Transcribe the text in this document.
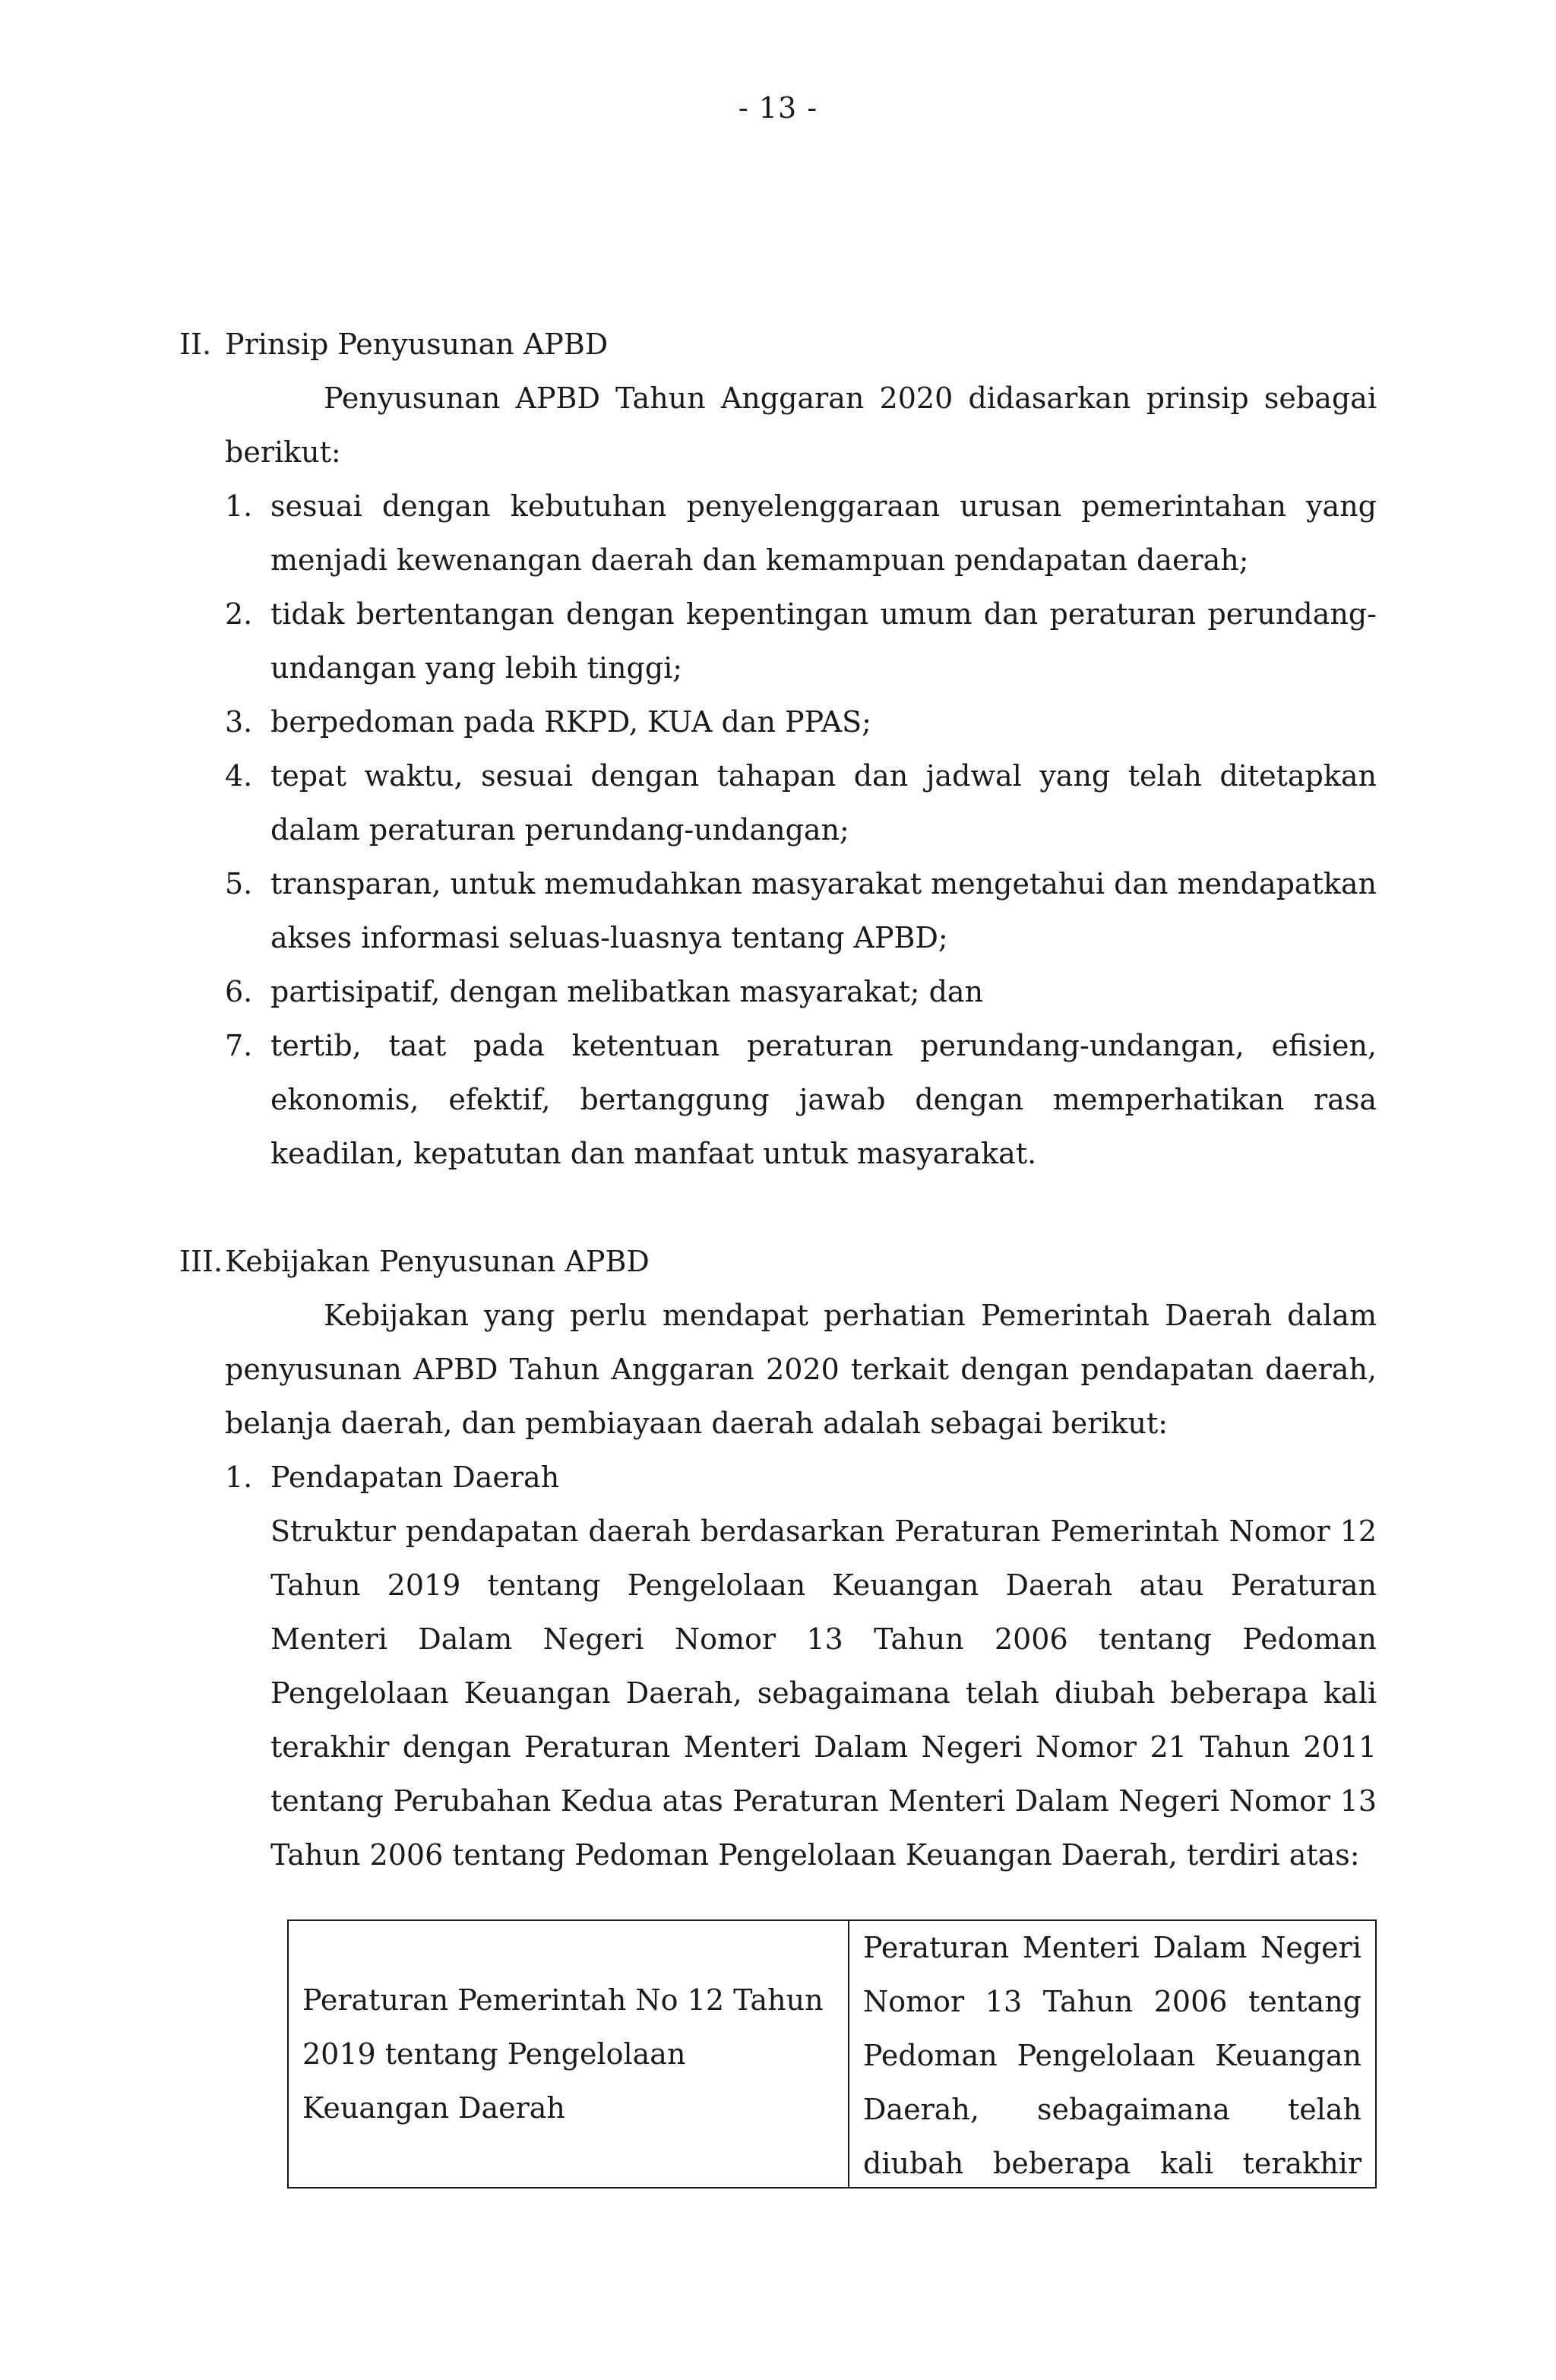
- 13 -
II. Prinsip Penyusunan APBD

Penyusunan APBD Tahun Anggaran 2020 didasarkan prinsip sebagai berikut:

1. sesuai dengan kebutuhan penyelenggaraan urusan pemerintahan yang menjadi kewenangan daerah dan kemampuan pendapatan daerah;
2. tidak bertentangan dengan kepentingan umum dan peraturan perundang-undangan yang lebih tinggi;
3. berpedoman pada RKPD, KUA dan PPAS;
4. tepat waktu, sesuai dengan tahapan dan jadwal yang telah ditetapkan dalam peraturan perundang-undangan;
5. transparan, untuk memudahkan masyarakat mengetahui dan mendapatkan akses informasi seluas-luasnya tentang APBD;
6. partisipatif, dengan melibatkan masyarakat; dan
7. tertib, taat pada ketentuan peraturan perundang-undangan, efisien, ekonomis, efektif, bertanggung jawab dengan memperhatikan rasa keadilan, kepatutan dan manfaat untuk masyarakat.
III. Kebijakan Penyusunan APBD

Kebijakan yang perlu mendapat perhatian Pemerintah Daerah dalam penyusunan APBD Tahun Anggaran 2020 terkait dengan pendapatan daerah, belanja daerah, dan pembiayaan daerah adalah sebagai berikut:

1. Pendapatan Daerah

Struktur pendapatan daerah berdasarkan Peraturan Pemerintah Nomor 12 Tahun 2019 tentang Pengelolaan Keuangan Daerah atau Peraturan Menteri Dalam Negeri Nomor 13 Tahun 2006 tentang Pedoman Pengelolaan Keuangan Daerah, sebagaimana telah diubah beberapa kali terakhir dengan Peraturan Menteri Dalam Negeri Nomor 21 Tahun 2011 tentang Perubahan Kedua atas Peraturan Menteri Dalam Negeri Nomor 13 Tahun 2006 tentang Pedoman Pengelolaan Keuangan Daerah, terdiri atas:

Peraturan Pemerintah No 12 Tahun 2019 tentang Pengelolaan Keuangan Daerah
Peraturan Menteri Dalam Negeri
Nomor 13 Tahun 2006 tentang
Pedoman Pengelolaan Keuangan
Daerah, sebagaimana telah
diubah beberapa kali terakhir
